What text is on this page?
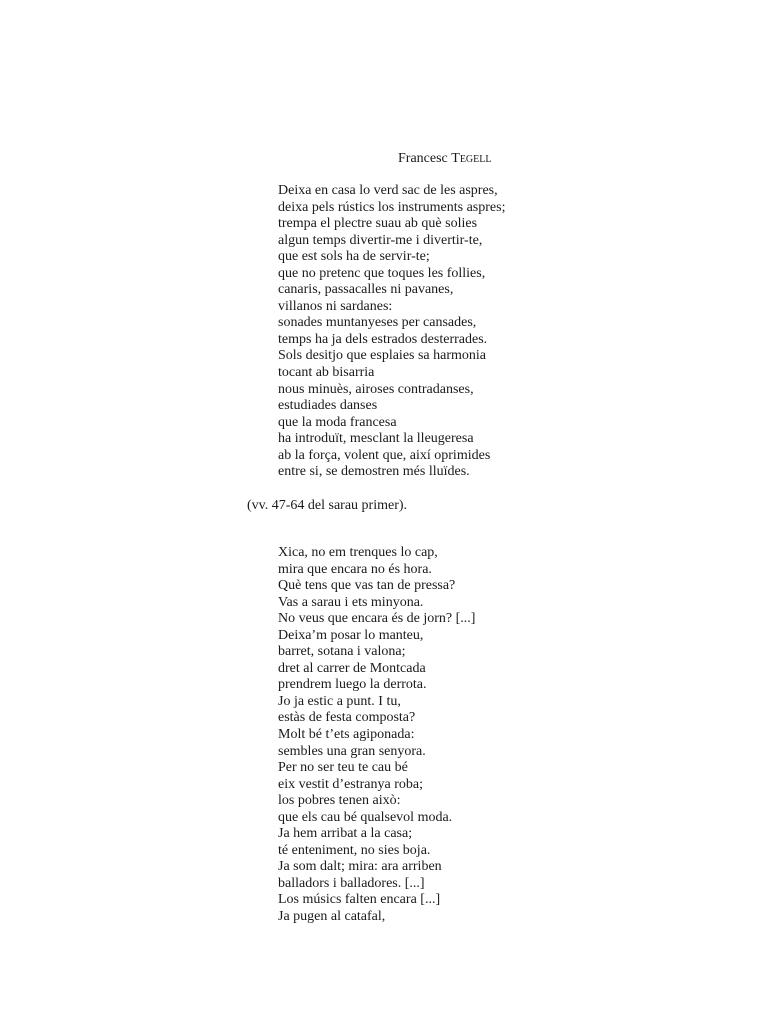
Francesc Tegell
Deixa en casa lo verd sac de les aspres,
deixa pels rústics los instruments aspres;
trempa el plectre suau ab què solies
algun temps divertir-me i divertir-te,
que est sols ha de servir-te;
que no pretenc que toques les follies,
canaris, passacalles ni pavanes,
villanos ni sardanes:
sonades muntanyeses per cansades,
temps ha ja dels estrados desterrades.
Sols desitjo que esplaies sa harmonia
tocant ab bisarria
nous minuès, airoses contradanses,
estudiades danses
que la moda francesa
ha introduït, mesclant la lleugeresa
ab la força, volent que, així oprimides
entre si, se demostren més lluïdes.
(vv. 47-64 del sarau primer).
Xica, no em trenques lo cap,
mira que encara no és hora.
Què tens que vas tan de pressa?
Vas a sarau i ets minyona.
No veus que encara és de jorn? [...]
Deixa’m posar lo manteu,
barret, sotana i valona;
dret al carrer de Montcada
prendrem luego la derrota.
Jo ja estic a punt. I tu,
estàs de festa composta?
Molt bé t’ets agiponada:
sembles una gran senyora.
Per no ser teu te cau bé
eix vestit d’estranya roba;
los pobres tenen això:
que els cau bé qualsevol moda.
Ja hem arribat a la casa;
té enteniment, no sies boja.
Ja som dalt; mira: ara arriben
balladors i balladores. [...]
Los músics falten encara [...]
Ja pugen al catafal,
